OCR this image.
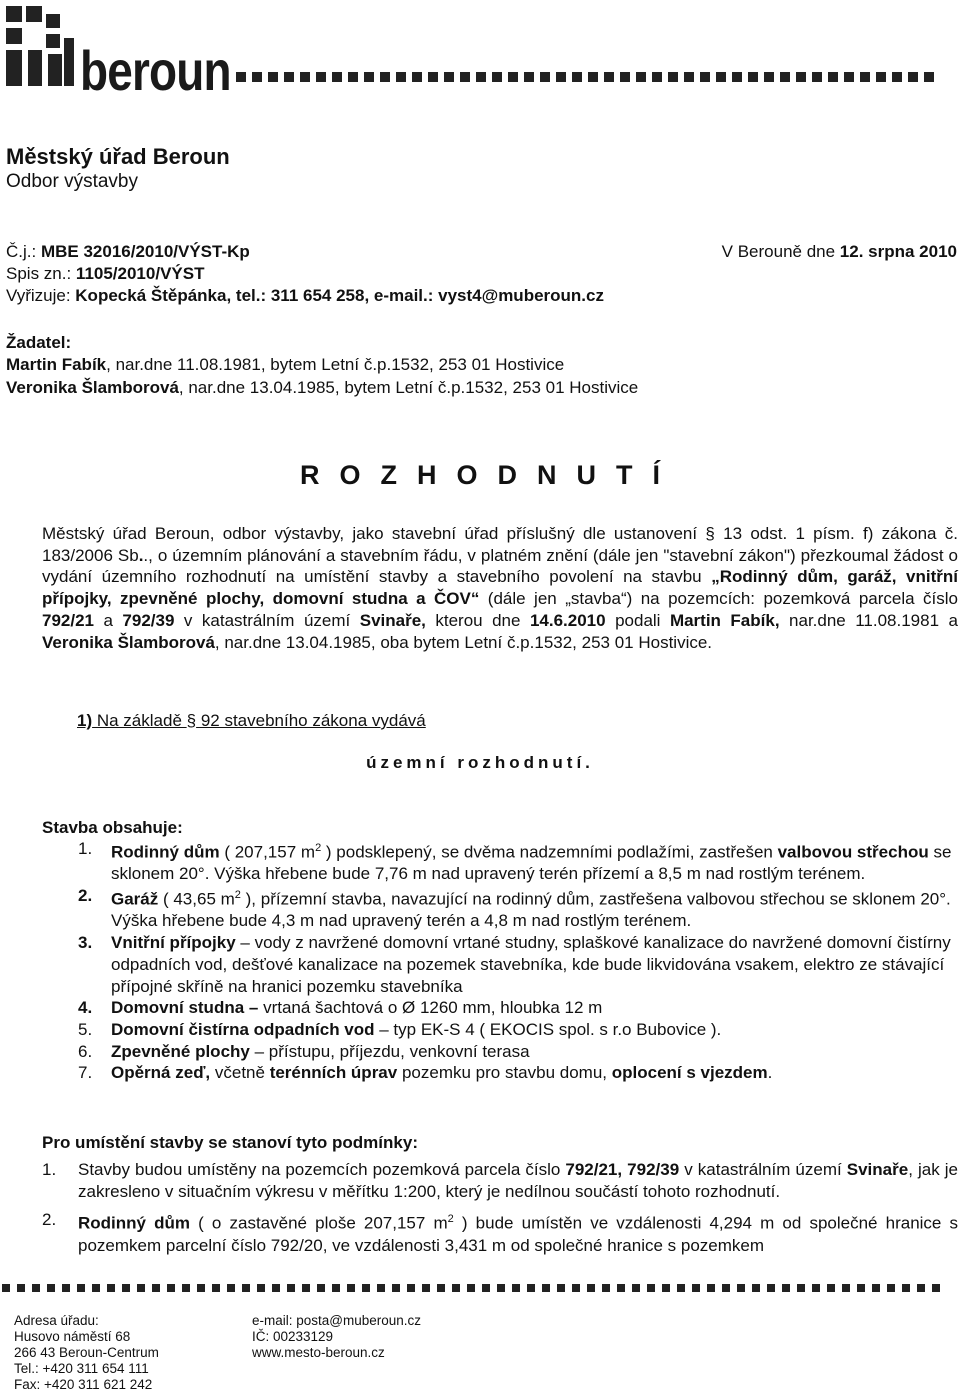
beroun
Městský úřad Beroun
Odbor výstavby
Č.j.: MBE 32016/2010/VÝST-Kp	V Berouně dne 12. srpna 2010
Spis zn.: 1105/2010/VÝST
Vyřizuje: Kopecká Štěpánka, tel.: 311 654 258, e-mail.: vyst4@muberoun.cz
Žadatel:
Martin Fabík, nar.dne 11.08.1981, bytem Letní č.p.1532, 253 01 Hostivice
Veronika Šlamborová, nar.dne 13.04.1985, bytem Letní č.p.1532, 253 01 Hostivice
ROZHODNUTÍ
Městský úřad Beroun, odbor výstavby, jako stavební úřad příslušný dle ustanovení § 13 odst. 1 písm. f) zákona č. 183/2006 Sb.., o územním plánování a stavebním řádu, v platném znění (dále jen "stavební zákon") přezkoumal žádost o vydání územního rozhodnutí na umístění stavby a stavebního povolení na stavbu „Rodinný dům, garáž, vnitřní přípojky, zpevněné plochy, domovní studna a ČOV“ (dále jen „stavba“) na pozemcích: pozemková parcela číslo 792/21 a 792/39 v katastrálním území Svinaře, kterou dne 14.6.2010 podali Martin Fabík, nar.dne 11.08.1981 a Veronika Šlamborová, nar.dne 13.04.1985, oba bytem Letní č.p.1532, 253 01 Hostivice.
1) Na základě § 92 stavebního zákona vydává
územní rozhodnutí.
Stavba obsahuje:
1. Rodinný dům ( 207,157 $m^2$ ) podsklepený, se dvěma nadzemními podlažími, zastřešen valbovou střechou se sklonem 20°. Výška hřebene bude 7,76 m nad upravený terén přízemí a 8,5 m nad rostlým terénem.
2. Garáž ( 43,65 $m^2$ ), přízemní stavba, navazující na rodinný dům, zastřešena valbovou střechou se sklonem 20°. Výška hřebene bude 4,3 m nad upravený terén a 4,8 m nad rostlým terénem.
3. Vnitřní přípojky – vody z navržené domovní vrtané studny, splaškové kanalizace do navržené domovní čistírny odpadních vod, dešťové kanalizace na pozemek stavebníka, kde bude likvidována vsakem, elektro ze stávající přípojné skříně na hranici pozemku stavebníka
4. Domovní studna – vrtaná šachtová o Ø 1260 mm, hloubka 12 m
5. Domovní čistírna odpadních vod – typ EK-S 4 ( EKOCIS spol. s r.o Bubovice ).
6. Zpevněné plochy – přístupu, příjezdu, venkovní terasa
7. Opěrná zeď, včetně terénních úprav pozemku pro stavbu domu, oplocení s vjezdem.
Pro umístění stavby se stanoví tyto podmínky:
1. Stavby budou umístěny na pozemcích pozemková parcela číslo 792/21, 792/39 v katastrálním území Svinaře, jak je zakresleno v situačním výkresu v měřítku 1:200, který je nedílnou součástí tohoto rozhodnutí.
2. Rodinný dům ( o zastavěné ploše 207,157 $m^2$ ) bude umístěn ve vzdálenosti 4,294 m od společné hranice s pozemkem parcelní číslo 792/20, ve vzdálenosti 3,431 m od společné hranice s pozemkem
Adresa úřadu:
Husovo náměstí 68
266 43 Beroun-Centrum
Tel.: +420 311 654 111
Fax: +420 311 621 242
e-mail: posta@muberoun.cz
IČ: 00233129
www.mesto-beroun.cz
